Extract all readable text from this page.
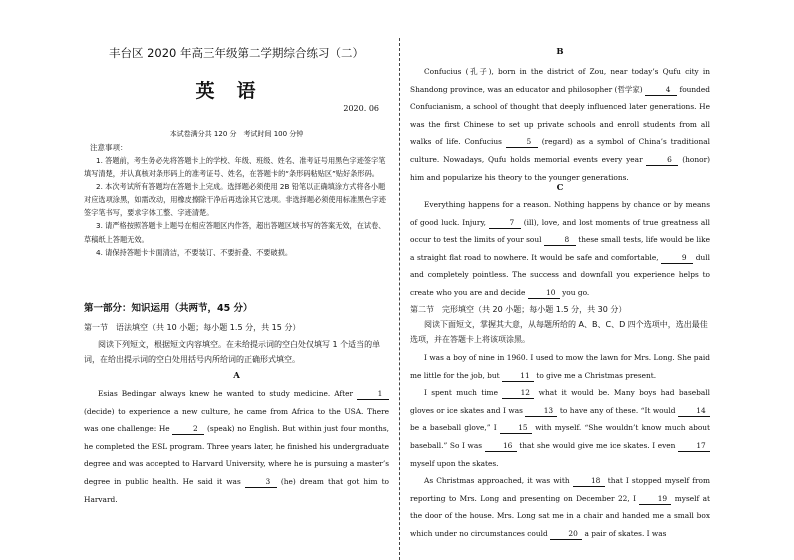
丰台区 2020 年高三年级第二学期综合练习（二）
英语
2020. 06
本试卷满分共 120 分　考试时间 100 分钟
注意事项：

1. 答题前，考生务必先将答题卡上的学校、年级、班级、姓名、准考证号用黑色字迹签字笔填写清楚，并认真核对条形码上的准考证号、姓名，在答题卡的“条形码粘贴区”贴好条形码。

2. 本次考试所有答题均在答题卡上完成。选择题必须使用 2B 铅笔以正确填涂方式将各小题对应选项涂黑，如需改动，用橡皮擦除干净后再选涂其它选项。非选择题必须使用标准黑色字迹签字笔书写，要求字体工整、字迹清楚。

3. 请严格按照答题卡上题号在相应答题区内作答，超出答题区域书写的答案无效，在试卷、草稿纸上答题无效。

4. 请保持答题卡卡面清洁，不要装订、不要折叠、不要破损。

第一部分：知识运用（共两节，45 分）
第一节　语法填空（共 10 小题；每小题 1.5 分，共 15 分）

阅读下列短文，根据短文内容填空。在未给提示词的空白处仅填写 1 个适当的单词，在给出提示词的空白处用括号内所给词的正确形式填空。

A

Esias Bedingar always knew he wanted to study medicine. After	1 (decide) to experience a new culture, he came from Africa to the USA. There was one challenge: He	2 (speak) no English. But within just four months, he completed the ESL program. Three years later, he finished his undergraduate degree and was accepted to Harvard University, where he is pursuing a master’s degree in public health. He said it was	3 (he) dream that got him to Harvard.

B

Confucius (孔子), born in the district of Zou, near today’s Qufu city in Shandong province, was an educator and philosopher (哲学家)	4 founded Confucianism, a school of thought that deeply influenced later generations. He was the first Chinese to set up private schools and enroll students from all walks of life. Confucius	5 (regard) as a symbol of China’s traditional culture. Nowadays, Qufu holds memorial events every year	6 (honor) him and popularize his theory to the younger generations.

C

Everything happens for a reason. Nothing happens by chance or by means of good luck. Injury,	7 (ill), love, and lost moments of true greatness all occur to test the limits of your soul	8 these small tests, life would be like a straight flat road to nowhere. It would be safe and comfortable,	9 dull and completely pointless. The success and downfall you experience helps to create who you are and decide	10 you go.

第二节　完形填空（共 20 小题；每小题 1.5 分，共 30 分）

阅读下面短文，掌握其大意，从每题所给的 A、B、C、D 四个选项中，选出最佳选项，并在答题卡上将该项涂黑。

I was a boy of nine in 1960. I used to mow the lawn for Mrs. Long. She paid me little for the job, but	11 to give me a Christmas present.

I spent much time	12 what it would be. Many boys had baseball gloves or ice skates and I was	13 to have any of these. “It would	14 be a baseball glove,” I	15 with myself. “She wouldn’t know much about baseball.” So I was	16 that she would give me ice skates. I even	17 myself upon the skates.

As Christmas approached, it was with	18 that I stopped myself from reporting to Mrs. Long and presenting on December 22, I	19 myself at the door of the house. Mrs. Long sat me in a chair and handed me a small box which under no circumstances could	20 a pair of skates. I was
